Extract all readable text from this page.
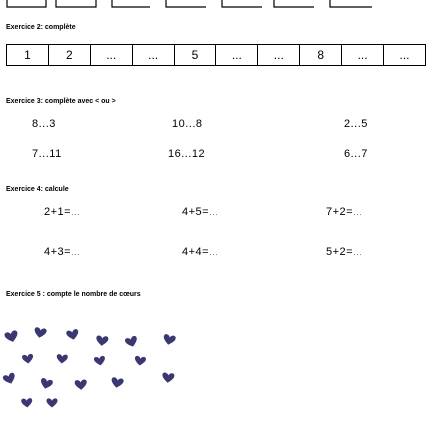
Exercice 2: complète
1	2	...	...	5	...	...	8	...	...
Exercice 3: complète avec < ou >
8...3	10...8	2...5
7...11	16...12	6...7
Exercice 4: calcule
2+1=...	4+5=...	7+2=...
4+3=...	4+4=...	5+2=...
Exercice 5 : compte le nombre de cœurs
